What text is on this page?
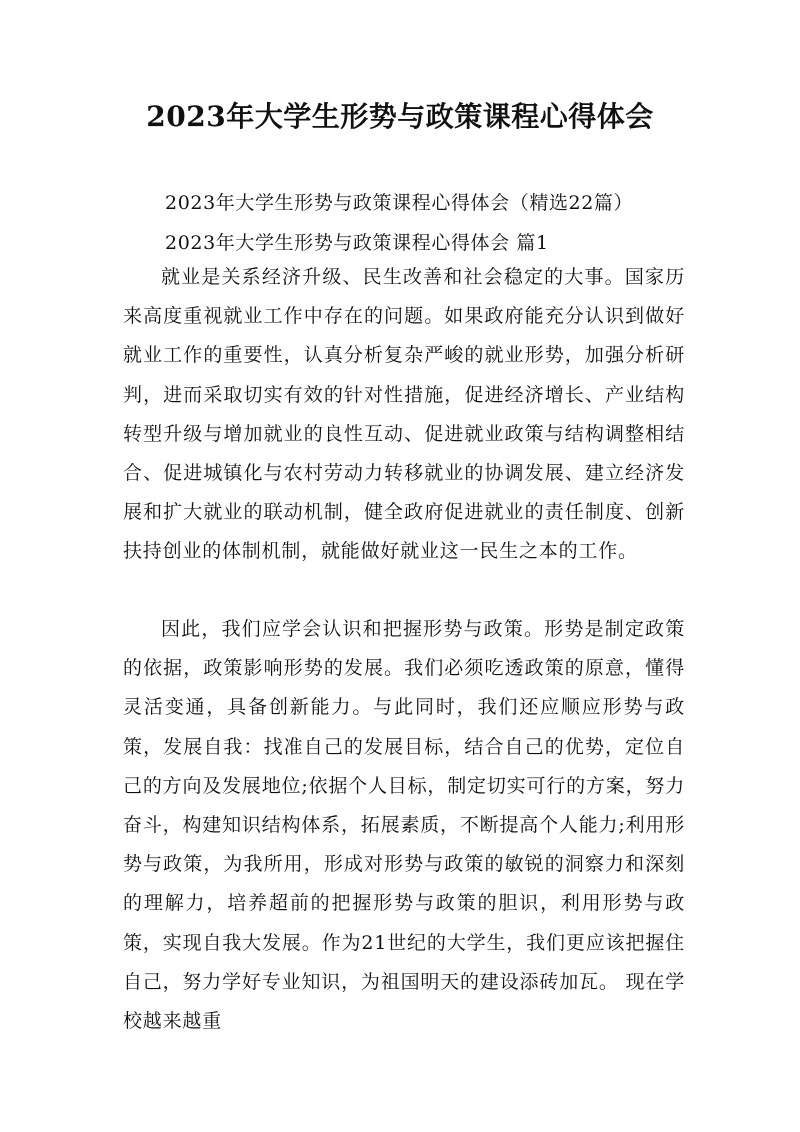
2023年大学生形势与政策课程心得体会

2023年大学生形势与政策课程心得体会（精选22篇）

2023年大学生形势与政策课程心得体会 篇1

就业是关系经济升级、民生改善和社会稳定的大事。国家历来高度重视就业工作中存在的问题。如果政府能充分认识到做好就业工作的重要性，认真分析复杂严峻的就业形势，加强分析研判，进而采取切实有效的针对性措施，促进经济增长、产业结构转型升级与增加就业的良性互动、促进就业政策与结构调整相结合、促进城镇化与农村劳动力转移就业的协调发展、建立经济发展和扩大就业的联动机制，健全政府促进就业的责任制度、创新扶持创业的体制机制，就能做好就业这一民生之本的工作。

因此，我们应学会认识和把握形势与政策。形势是制定政策的依据，政策影响形势的发展。我们必须吃透政策的原意，懂得灵活变通，具备创新能力。与此同时，我们还应顺应形势与政策，发展自我：找准自己的发展目标，结合自己的优势，定位自己的方向及发展地位;依据个人目标，制定切实可行的方案，努力奋斗，构建知识结构体系，拓展素质，不断提高个人能力;利用形势与政策，为我所用，形成对形势与政策的敏锐的洞察力和深刻的理解力，培养超前的把握形势与政策的胆识，利用形势与政策，实现自我大发展。作为21世纪的大学生，我们更应该把握住自己，努力学好专业知识，为祖国明天的建设添砖加瓦。 现在学校越来越重
